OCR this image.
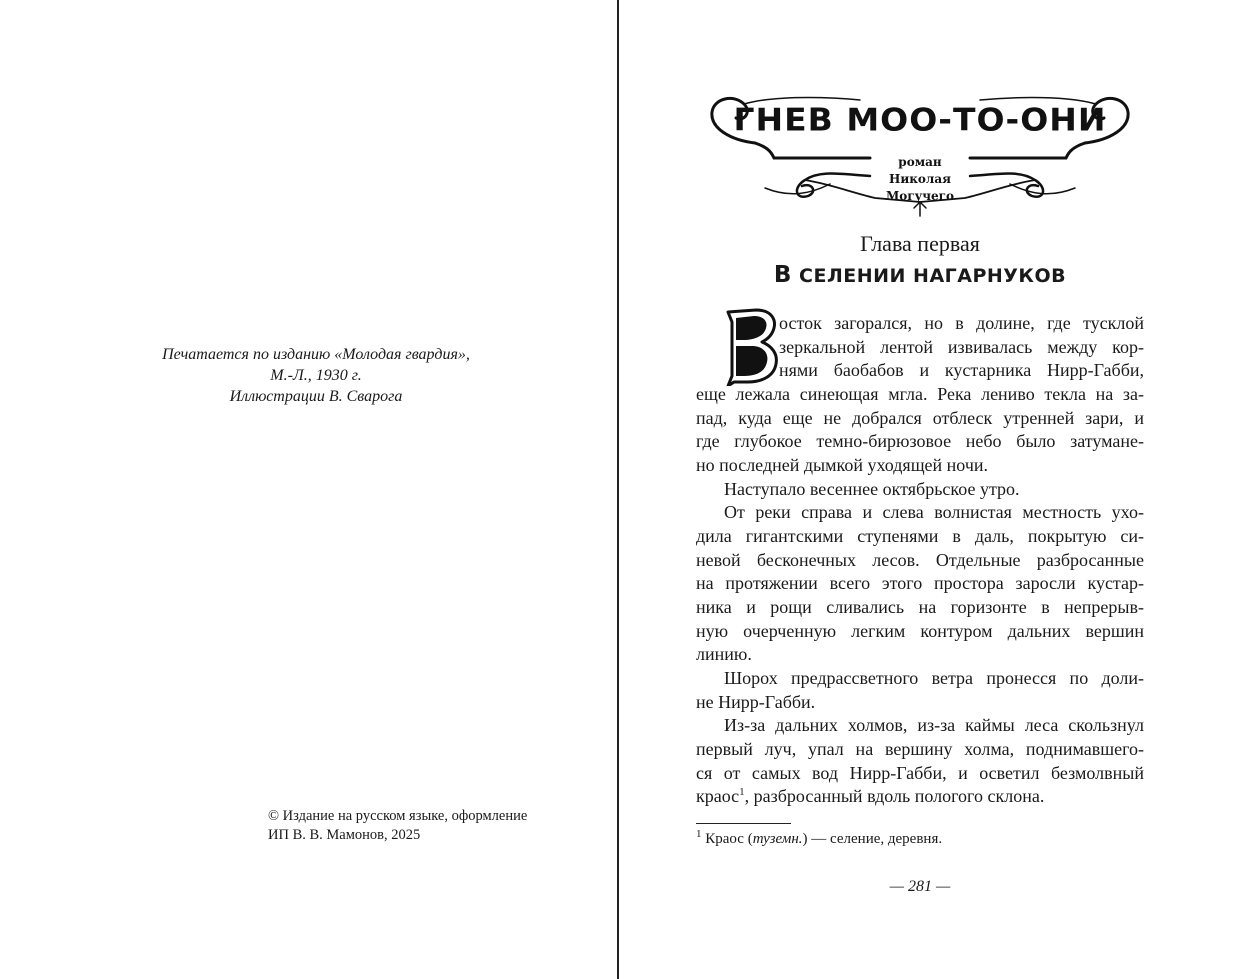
Печатается по изданию «Молодая гвардия»,
М.-Л., 1930 г.
Иллюстрации В. Сварога
© Издание на русском языке, оформление
ИП В. В. Мамонов, 2025
ГНЕВ МОО-ТО-ОНИ
роман
Николая
Могучего
Глава первая
В СЕЛЕНИИ НАГАРНУКОВ
осток загорался, но в долине, где тусклой
зеркальной лентой извивалась между кор-
нями баобабов и кустарника Нирр-Габби,
еще лежала синеющая мгла. Река лениво текла на за-
пад, куда еще не добрался отблеск утренней зари, и
где глубокое темно-бирюзовое небо было затумане-
но последней дымкой уходящей ночи.
Наступало весеннее октябрьское утро.
От реки справа и слева волнистая местность ухо-
дила гигантскими ступенями в даль, покрытую си-
невой бесконечных лесов. Отдельные разбросанные
на протяжении всего этого простора заросли кустар-
ника и рощи сливались на горизонте в непрерыв-
ную очерченную легким контуром дальних вершин
линию.
Шорох предрассветного ветра пронесся по доли-
не Нирр-Габби.
Из-за дальних холмов, из-за каймы леса скользнул
первый луч, упал на вершину холма, поднимавшего-
ся от самых вод Нирр-Габби, и осветил безмолвный
краос$^1$, разбросанный вдоль пологого склона.
$^1$ Краос (туземн.) — селение, деревня.
— 281 —
